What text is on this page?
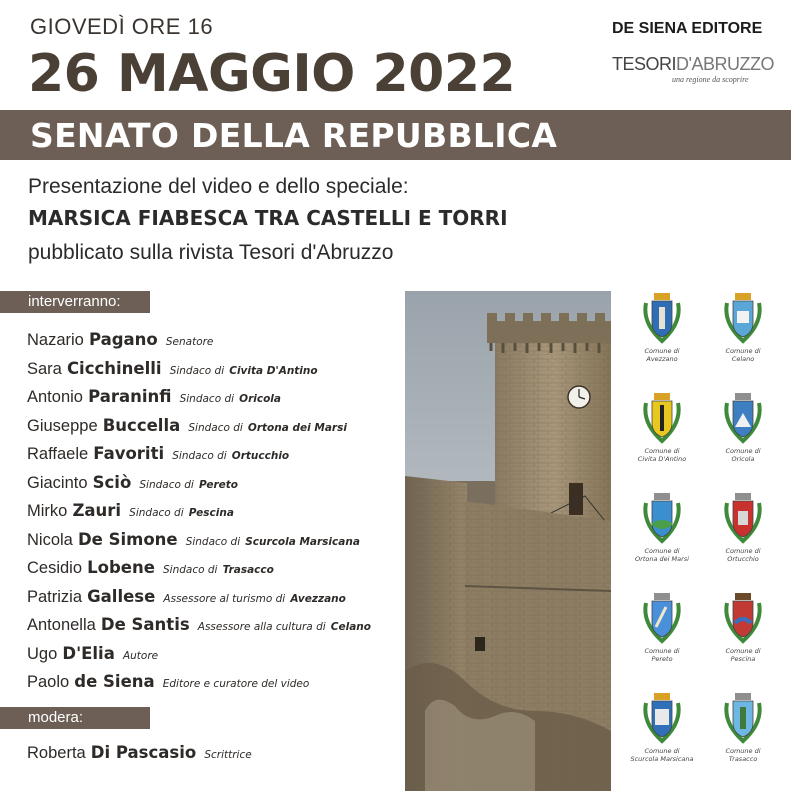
GIOVEDÌ ORE 16
26 MAGGIO 2022
DE SIENA EDITORE
TESORID'ABRUZZO
una regione da scoprire
SENATO DELLA REPUBBLICA
Presentazione del video e dello speciale:
MARSICA FIABESCA TRA CASTELLI E TORRI
pubblicato sulla rivista Tesori d'Abruzzo
interverranno:
Nazario Pagano Senatore
Sara Cicchinelli Sindaco di Civita D'Antino
Antonio Paraninfi Sindaco di Oricola
Giuseppe Buccella Sindaco di Ortona dei Marsi
Raffaele Favoriti Sindaco di Ortucchio
Giacinto Sciò Sindaco di Pereto
Mirko Zauri Sindaco di Pescina
Nicola De Simone Sindaco di Scurcola Marsicana
Cesidio Lobene Sindaco di Trasacco
Patrizia Gallese Assessore al turismo di Avezzano
Antonella De Santis Assessore alla cultura di Celano
Ugo D'Elia Autore
Paolo de Siena Editore e curatore del video
modera:
Roberta Di Pascasio Scrittrice
Comune di
Avezzano
Comune di
Celano
Comune di
Civita D'Antino
Comune di
Oricola
Comune di
Ortona dei Marsi
Comune di
Ortucchio
Comune di
Pereto
Comune di
Pescina
Comune di
Scurcola Marsicana
Comune di
Trasacco
